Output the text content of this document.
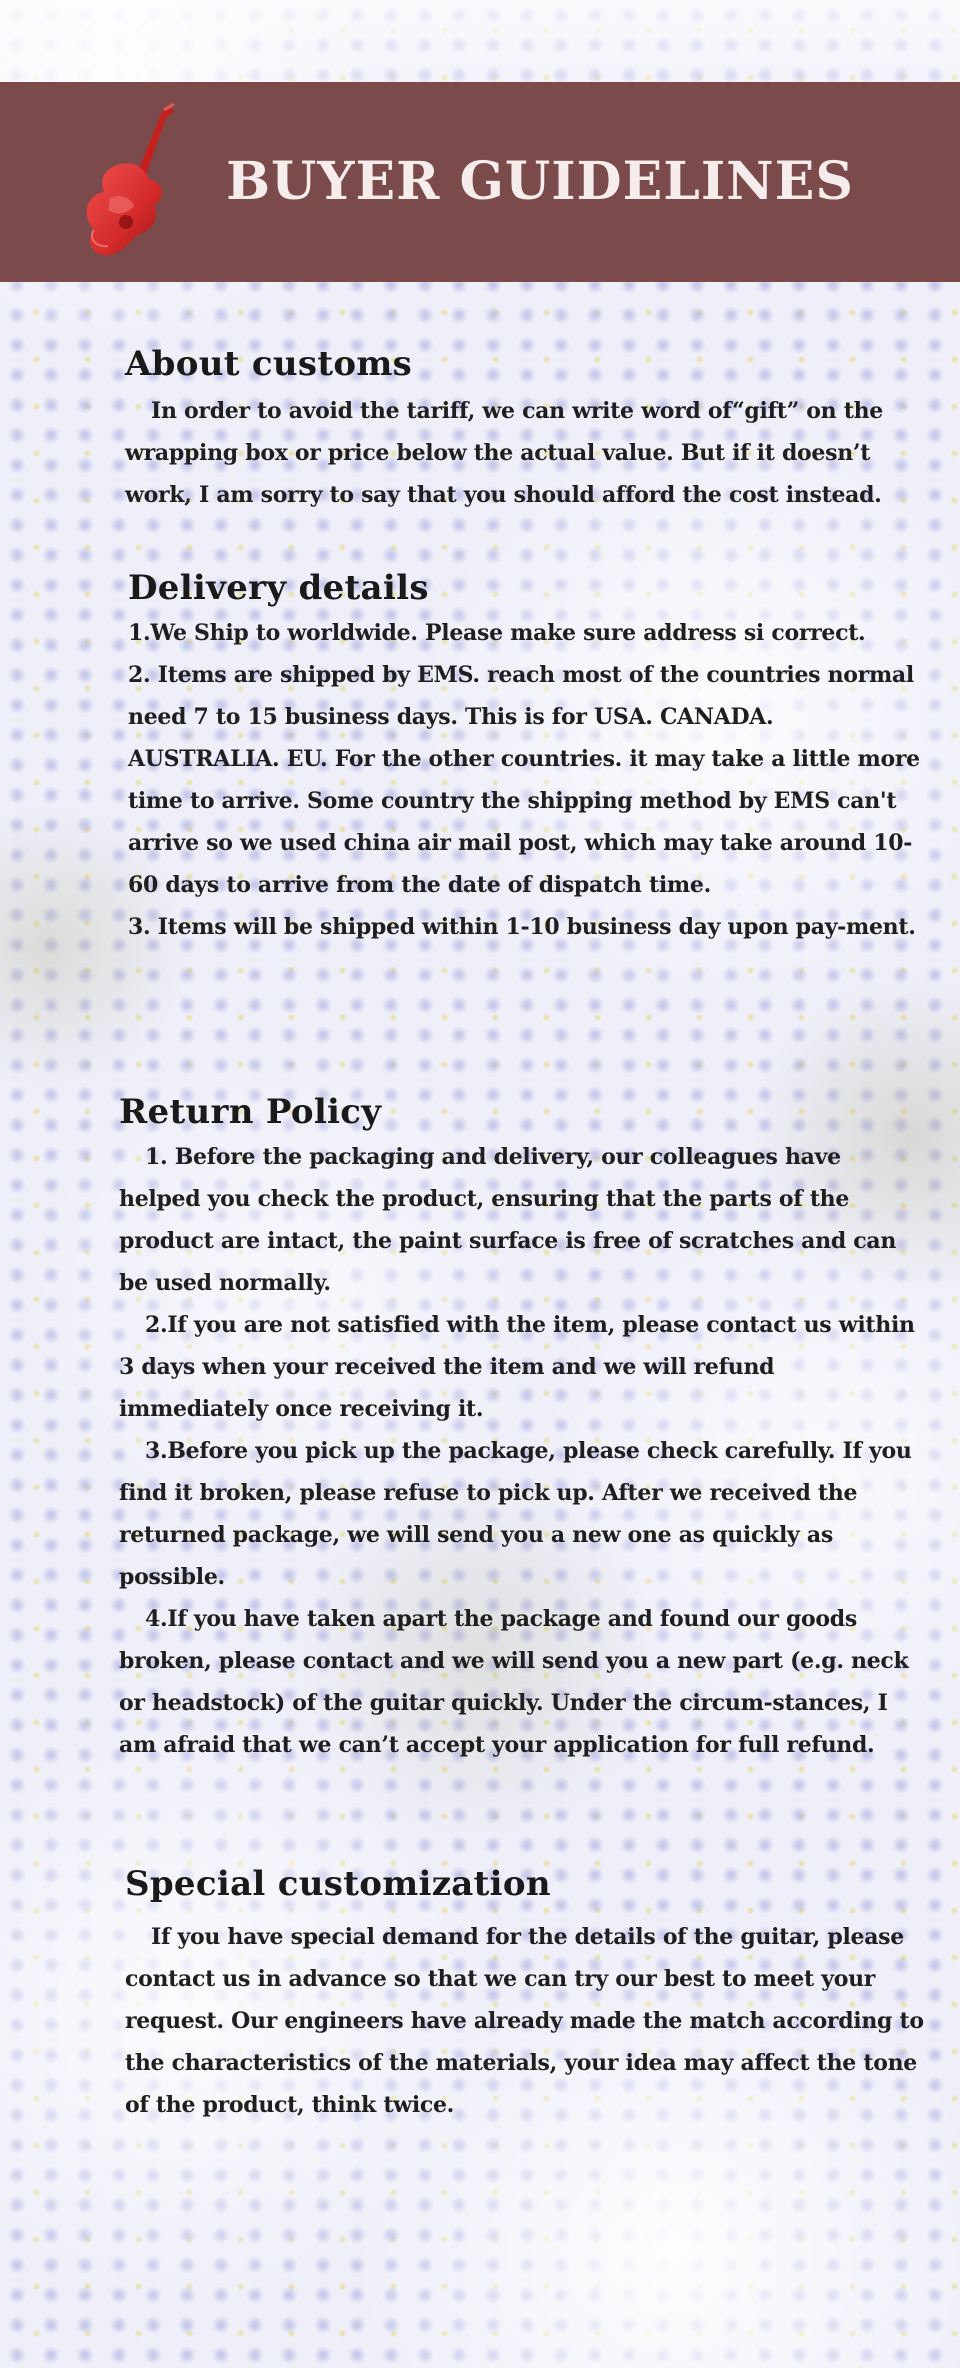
BUYER GUIDELINES
About customs

In order to avoid the tariff, we can write word of“gift” on the wrapping box or price below the actual value. But if it doesn’t work, I am sorry to say that you should afford the cost instead.

Delivery details

1.We Ship to worldwide. Please make sure address si correct.

2. Items are shipped by EMS. reach most of the countries normal need 7 to 15 business days. This is for USA. CANADA. AUSTRALIA. EU. For the other countries. it may take a little more time to arrive. Some country the shipping method by EMS can't arrive so we used china air mail post, which may take around 10-60 days to arrive from the date of dispatch time.

3. Items will be shipped within 1-10 business day upon pay-ment.

Return Policy

1. Before the packaging and delivery, our colleagues have helped you check the product, ensuring that the parts of the product are intact, the paint surface is free of scratches and can be used normally.

2.If you are not satisfied with the item, please contact us within 3 days when your received the item and we will refund immediately once receiving it.

3.Before you pick up the package, please check carefully. If you find it broken, please refuse to pick up. After we received the returned package, we will send you a new one as quickly as possible.

4.If you have taken apart the package and found our goods broken, please contact and we will send you a new part (e.g. neck or headstock) of the guitar quickly. Under the circum-stances, I am afraid that we can’t accept your application for full refund.

Special customization

If you have special demand for the details of the guitar, please contact us in advance so that we can try our best to meet your request. Our engineers have already made the match according to the characteristics of the materials, your idea may affect the tone of the product, think twice.
